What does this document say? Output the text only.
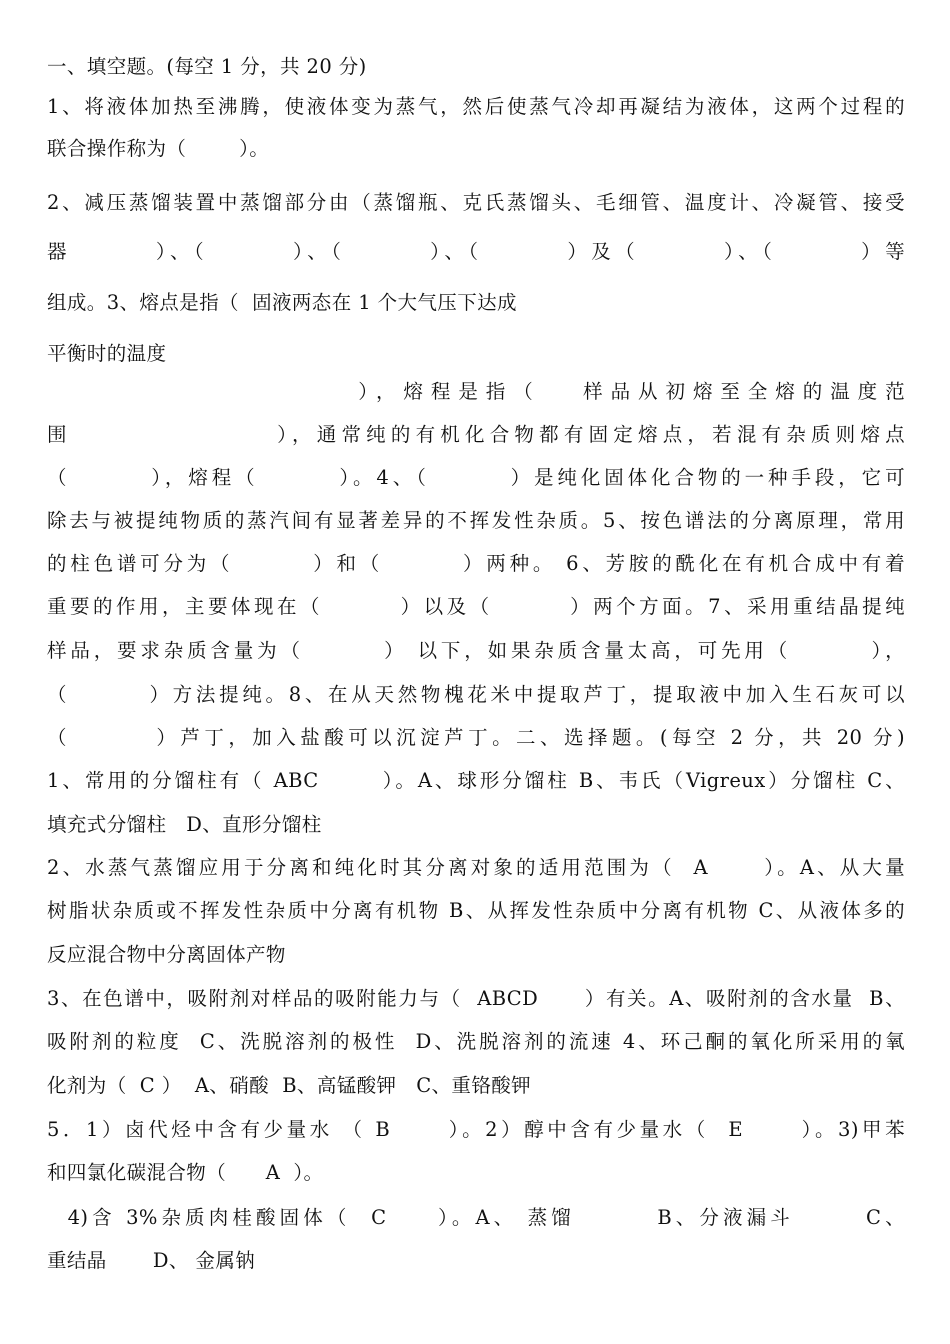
一、填空题。(每空 1 分，共 20 分)
1、将液体加热至沸腾，使液体变为蒸气，然后使蒸气冷却再凝结为液体，这两个过程的
联合操作称为（        ）。
2、减压蒸馏装置中蒸馏部分由（蒸馏瓶、克氏蒸馏头、毛细管、温度计、冷凝管、接受
器        ）、（        ）、（        ）、（        ）及（        ）、（        ）等
组成。3、熔点是指（  固液两态在 1 个大气压下达成
平衡时的温度
），熔程是指（   样品从初熔至全熔的温度范
围                  ），通常纯的有机化合物都有固定熔点，若混有杂质则熔点
（        ），熔程（        ）。4、（        ）是纯化固体化合物的一种手段，它可
除去与被提纯物质的蒸汽间有显著差异的不挥发性杂质。5、按色谱法的分离原理，常用
的柱色谱可分为（        ）和（        ）两种。 6、芳胺的酰化在有机合成中有着
重要的作用，主要体现在（        ）以及（        ）两个方面。7、采用重结晶提纯
样品，要求杂质含量为（        ） 以下，如果杂质含量太高，可先用（        ），
（        ）方法提纯。8、在从天然物槐花米中提取芦丁，提取液中加入生石灰可以
（        ）芦丁，加入盐酸可以沉淀芦丁。二、选择题。(每空 2 分，共 20 分)
1、常用的分馏柱有（ ABC       ）。A、球形分馏柱 B、韦氏（Vigreux）分馏柱 C、
填充式分馏柱   D、直形分馏柱
2、水蒸气蒸馏应用于分离和纯化时其分离对象的适用范围为（  A      ）。A、从大量
树脂状杂质或不挥发性杂质中分离有机物 B、从挥发性杂质中分离有机物 C、从液体多的
反应混合物中分离固体产物
3、在色谱中，吸附剂对样品的吸附能力与（  ABCD      ）有关。A、吸附剂的含水量  B、
吸附剂的粒度  C、洗脱溶剂的极性  D、洗脱溶剂的流速 4、环己酮的氧化所采用的氧
化剂为（  C ）  A、硝酸  B、高锰酸钾   C、重铬酸钾
5．1）卤代烃中含有少量水 （ B      ）。2）醇中含有少量水（  E      ）。3)甲苯
和四氯化碳混合物（      A  ）。
4)含 3%杂质肉桂酸固体（  C     ）。A、 蒸馏        B、分液漏斗       C、
重结晶       D、 金属钠
